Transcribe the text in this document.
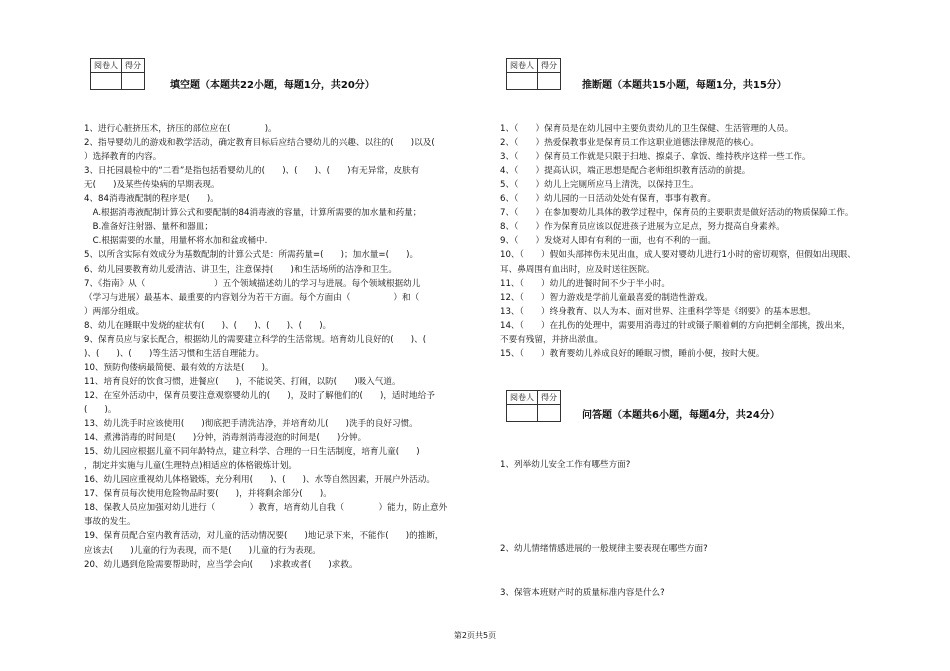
阅卷人	得分

填空题（本题共22小题，每题1分，共20分）
1、进行心脏挤压术，挤压的部位应在(　　　　)。
2、指导婴幼儿的游戏和教学活动，确定教育目标后应结合婴幼儿的兴趣、以往的(　　)以及(　　
）选择教育的内容。
3、日托园晨检中的“二看”是指包括看婴幼儿的(　　)、(　　)、(　　)有无异常，皮肤有
无(　　)及某些传染病的早期表现。
4、84消毒液配制的程序是(　　)。
　A.根据消毒液配制计算公式和要配制的84消毒液的容量，计算所需要的加水量和药量；
　B.准备好注射器、量杯和器皿；
　C.根据需要的水量，用量杯将水加和盆或桶中.
5、以所含实际有效成分为基数配制的计算公式是：所需药量=(　　)；加水量=(　　)。
6、幼儿园要教育幼儿爱清洁、讲卫生，注意保持(　　)和生活场所的洁净和卫生。
7、《指南》从（　　　　　　　　）五个领域描述幼儿的学习与进展。每个领域根据幼儿
（学习与进展）最基本、最重要的内容划分为若干方面。每个方面由（　　　　　）和（　　
）两部分组成。
8、幼儿在睡眠中发烧的症状有(　　)、(　　)、(　　)、(　　)。
9、保育员应与家长配合，根据幼儿的需要建立科学的生活常规。培育幼儿良好的(　　)、(　　
)、(　　)、(　　)等生活习惯和生活自理能力。
10、预防佝偻病最简便、最有效的方法是(　　)。
11、培育良好的饮食习惯，进餐应(　　)，不能说笑、打闹，以防(　　)吸入气道。
12、在室外活动中，保育员要注意观察婴幼儿的(　　)，及时了解他们的(　　)，适时地给予
(　　)。
13、幼儿洗手时应该使用(　　)彻底把手清洗洁净，并培育幼儿(　　)洗手的良好习惯。
14、煮沸消毒的时间是(　　)分钟，消毒剂消毒浸泡的时间是(　　)分钟。
15、幼儿园应根据儿童不同年龄特点，建立科学、合理的一日生活制度，培育儿童(　　)
，制定并实施与儿童(生理特点)相适应的体格锻炼计划。
16、幼儿园应重视幼儿体格锻炼，充分利用(　　)、(　　)、水等自然因素，开展户外活动。
17、保育员每次使用危险物品时要(　　)，并将剩余部分(　　)。
18、保教人员应加强对幼儿进行（　　　　）教育，培育幼儿自我（　　　　）能力，防止意外
事故的发生。
19、保育员配合室内教育活动，对儿童的活动情况要(　　)地记录下来，不能作(　　)的推断，
应该去(　　)儿童的行为表现，而不是(　　)儿童的行为表现。
20、幼儿遇到危险需要帮助时，应当学会向(　　)求救或者(　　)求救。
阅卷人	得分

推断题（本题共15小题，每题1分，共15分）
1、（　　）保育员是在幼儿园中主要负责幼儿的卫生保健、生活管理的人员。
2、（　　）热爱保教事业是保育员工作这职业道德法律规范的核心。
3、（　　）保育员工作就是只限于扫地、擦桌子、拿饭、维持秩序这样一些工作。
4、（　　）提高认识，端正思想是配合老师组织教育活动的前提。
5、（　　）幼儿上完厕所应马上清洗，以保持卫生。
6、（　　）幼儿园的一日活动处处有保育，事事有教育。
7、（　　）在参加婴幼儿具体的教学过程中，保育员的主要职责是做好活动的物质保障工作。
8、（　　）作为保育员应该以促进孩子进展为立足点，努力提高自身素养。
9、（　　）发烧对人即有有利的一面，也有不利的一面。
10、（　　）假如头部摔伤未见出血，成人要对婴幼儿进行1小时的密切观察，但假如出现眼、
耳、鼻周围有血出时，应及时送往医院。
11、（　　）幼儿的进餐时间不少于半小时。
12、（　　）智力游戏是学前儿童最喜爱的制造性游戏。
13、（　　）终身教育、以人为本、面对世界、注重科学等是《纲要》的基本思想。
14、（　　）在扎伤的处理中，需要用消毒过的针或镊子顺着刺的方向把刺全部挑，拨出来，
不要有残留，并挤出淤血。
15、（　　）教育婴幼儿养成良好的睡眠习惯，睡前小便，按时大便。
阅卷人	得分

问答题（本题共6小题，每题4分，共24分）
1、列举幼儿安全工作有哪些方面?
2、幼儿情绪情感进展的一般规律主要表现在哪些方面?
3、保管本班财产时的质量标准内容是什么?
第2页共5页
